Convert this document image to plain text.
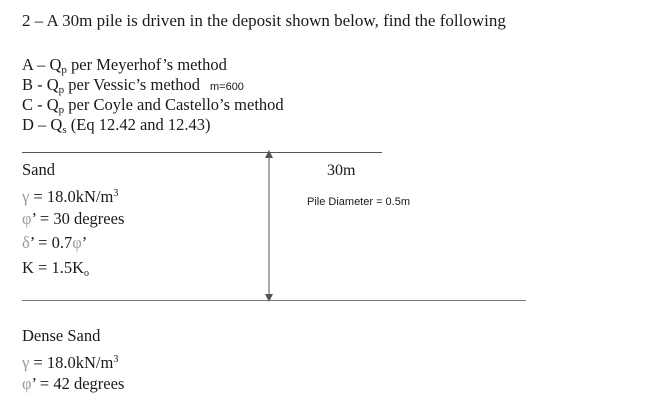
2 – A 30m pile is driven in the deposit shown below, find the following
A – $Q_p$ per Meyerhof’s method
B - $Q_p$ per Vessic’s method m=600
C - $Q_p$ per Coyle and Castello’s method
D – $Q_s$ (Eq 12.42 and 12.43)
Sand
$\gamma = 18.0kN/m^3$
φ’ = 30 degrees
δ’ = 0.7φ’
K = 1.5Ko
30m
Pile Diameter = 0.5m
Dense Sand
$\gamma = 18.0kN/m^3$
φ’ = 42 degrees
